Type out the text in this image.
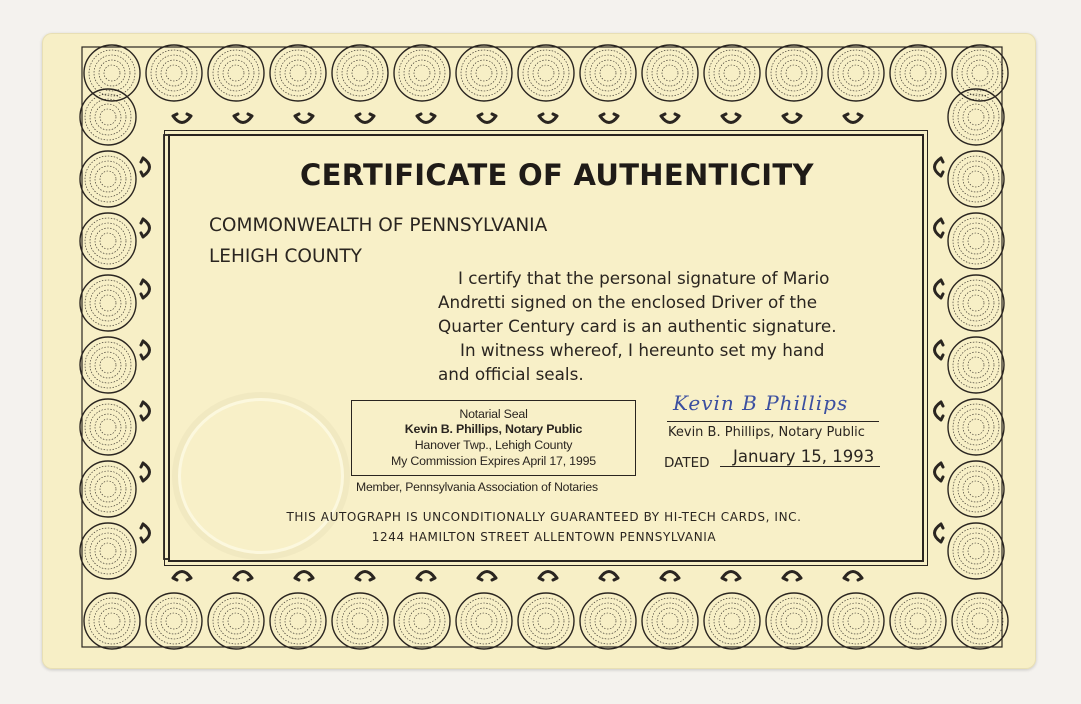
CERTIFICATE OF AUTHENTICITY
COMMONWEALTH OF PENNSYLVANIA
LEHIGH COUNTY
I certify that the personal signature of Mario
Andretti signed on the enclosed Driver of the
Quarter Century card is an authentic signature.
In witness whereof, I hereunto set my hand
and official seals.
Notarial Seal
Kevin B. Phillips, Notary Public
Hanover Twp., Lehigh County
My Commission Expires April 17, 1995
Member, Pennsylvania Association of Notaries
Kevin B Phillips
Kevin B. Phillips, Notary Public
DATED January 15, 1993
THIS AUTOGRAPH IS UNCONDITIONALLY GUARANTEED BY HI-TECH CARDS, INC.
1244 HAMILTON STREET ALLENTOWN PENNSYLVANIA
